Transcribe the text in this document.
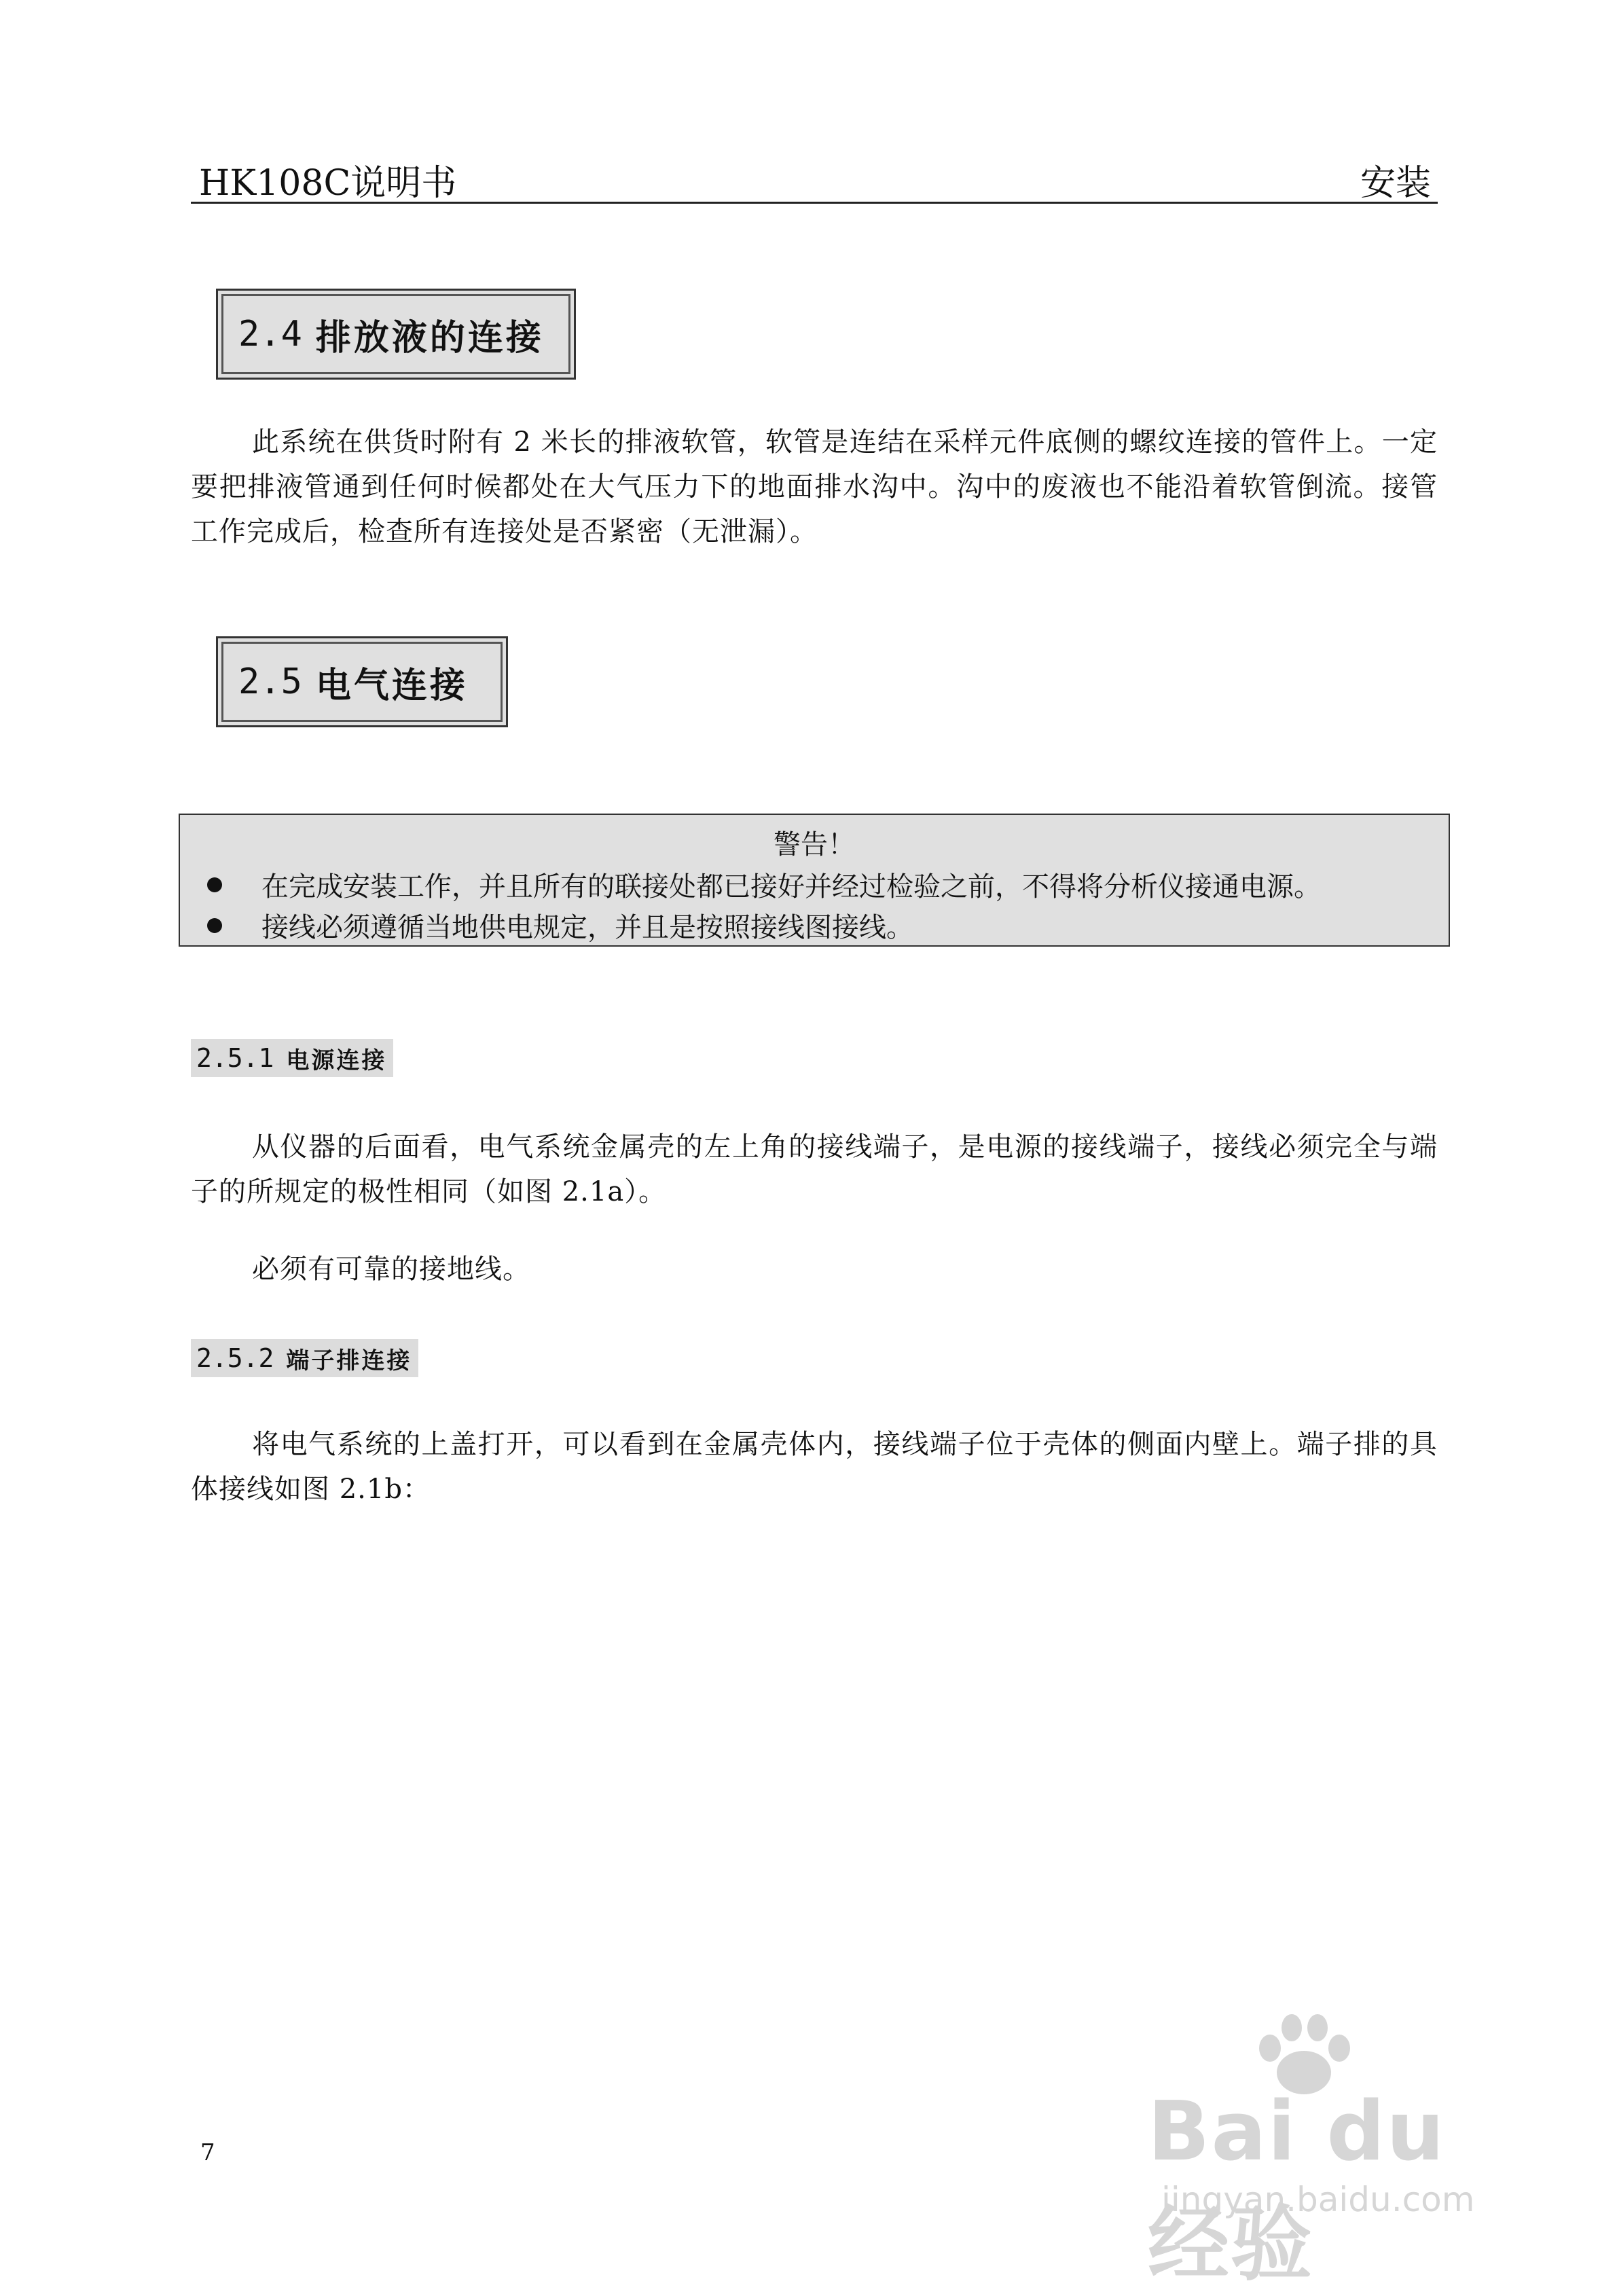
HK108C说明书	安装
2.4 排放液的连接
此系统在供货时附有 2 米长的排液软管，软管是连结在采样元件底侧的螺纹连接的管件上。一定要把排液管通到任何时候都处在大气压力下的地面排水沟中。沟中的废液也不能沿着软管倒流。接管工作完成后，检查所有连接处是否紧密（无泄漏）。
2.5 电气连接
警告！
在完成安装工作，并且所有的联接处都已接好并经过检验之前，不得将分析仪接通电源。
接线必须遵循当地供电规定，并且是按照接线图接线。
2.5.1 电源连接
从仪器的后面看，电气系统金属壳的左上角的接线端子，是电源的接线端子，接线必须完全与端子的所规定的极性相同（如图 2.1a）。
必须有可靠的接地线。
2.5.2 端子排连接
将电气系统的上盖打开，可以看到在金属壳体内，接线端子位于壳体的侧面内壁上。端子排的具体接线如图 2.1b：
7	Bai du 经验
jingyan.baidu.com
